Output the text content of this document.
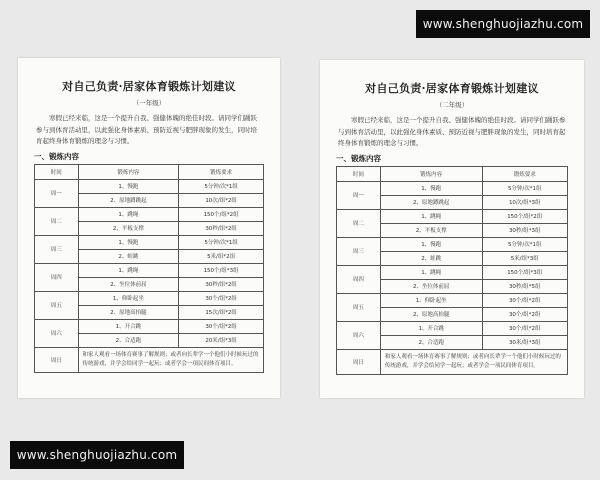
对自己负责·居家体育锻炼计划建议
（一年级）
寒假已经来临，这是一个提升自我、强健体魄的绝佳时段。请同学们踊跃参与到体育活动里，以此强化身体素质、预防近视与肥胖现象的发生，同时培育起终身体育锻炼的理念与习惯。
一、锻炼内容
时间	锻炼内容	锻炼要求
周一	1、慢跑	5分钟/次*1组
	2、原地蹲跳起	10次/组*2组
周二	1、跳绳	150个/组*2组
	2、平板支撑	30秒/组*2组
周三	1、慢跑	5分钟/次*1组
	2、蛙跳	5米/组*2组
周四	1、跳绳	150个/组*3组
	2、坐位体前屈	30秒/组*2组
周五	1、仰卧起坐	30个/组*2组
	2、原地高抬腿	15次/组*2组
周六	1、开合跳	30个/组*2组
	2、合适跑	20米/组*3组
周日	和家人观看一场体育赛事了解规则；或者向长辈学一个他们小时候玩过的传统游戏，并学会给同学一起玩；或者学会一项民间体育项目。	
对自己负责·居家体育锻炼计划建议
（二年级）
寒假已经来临，这是一个提升自我、强健体魄的绝佳时段。请同学们踊跃参与到体育活动里，以此强化身体素质、预防近视与肥胖现象的发生，同时培育起终身体育锻炼的理念与习惯。
一、锻炼内容
时间	锻炼内容	锻炼要求
周一	1、慢跑	5分钟/次*1组
	2、原地蹲跳起	10次/组*3组
周二	1、跳绳	150个/组*2组
	2、平板支撑	30秒/组*3组
周三	1、慢跑	5分钟/次*1组
	2、蛙跳	5米/组*3组
周四	1、跳绳	150个/组*3组
	2、坐位体前屈	30秒/组*5组
周五	1、仰卧起坐	30个/组*2组
	2、原地高抬腿	30个/组*2组
周六	1、开合跳	30个/组*2组
	2、合适跑	30米/组*3组
周日	和家人观看一场体育赛事了解规则；或者向长辈学一个他们小时候玩过的传统游戏，并学会给同学一起玩；或者学会一项民间体育项目。	
www.shenghuojiazhu.com
www.shenghuojiazhu.com
